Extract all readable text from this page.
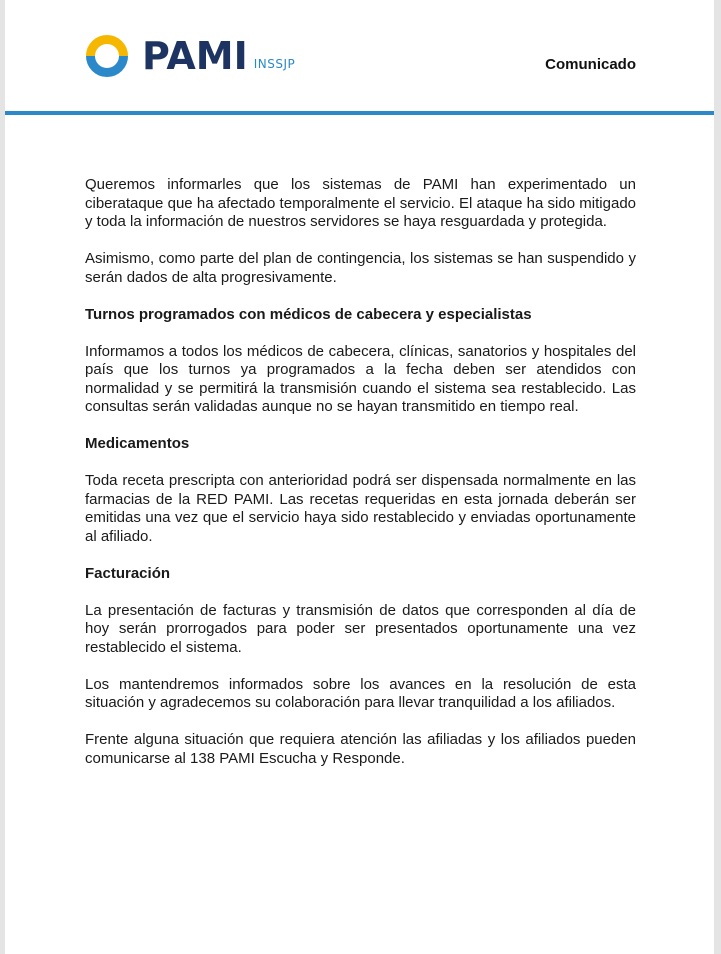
PAMI INSSJP	Comunicado

Queremos informarles que los sistemas de PAMI han experimentado un ciberataque que ha afectado temporalmente el servicio. El ataque ha sido mitigado y toda la información de nuestros servidores se haya resguardada y protegida.

Asimismo, como parte del plan de contingencia, los sistemas se han suspendido y serán dados de alta progresivamente.

Turnos programados con médicos de cabecera y especialistas

Informamos a todos los médicos de cabecera, clínicas, sanatorios y hospitales del país que los turnos ya programados a la fecha deben ser atendidos con normalidad y se permitirá la transmisión cuando el sistema sea restablecido. Las consultas serán validadas aunque no se hayan transmitido en tiempo real.

Medicamentos

Toda receta prescripta con anterioridad podrá ser dispensada normalmente en las farmacias de la RED PAMI. Las recetas requeridas en esta jornada deberán ser emitidas una vez que el servicio haya sido restablecido y enviadas oportunamente al afiliado.

Facturación

La presentación de facturas y transmisión de datos que corresponden al día de hoy serán prorrogados para poder ser presentados oportunamente una vez restablecido el sistema.

Los mantendremos informados sobre los avances en la resolución de esta situación y agradecemos su colaboración para llevar tranquilidad a los afiliados.

Frente alguna situación que requiera atención las afiliadas y los afiliados pueden comunicarse al 138 PAMI Escucha y Responde.
